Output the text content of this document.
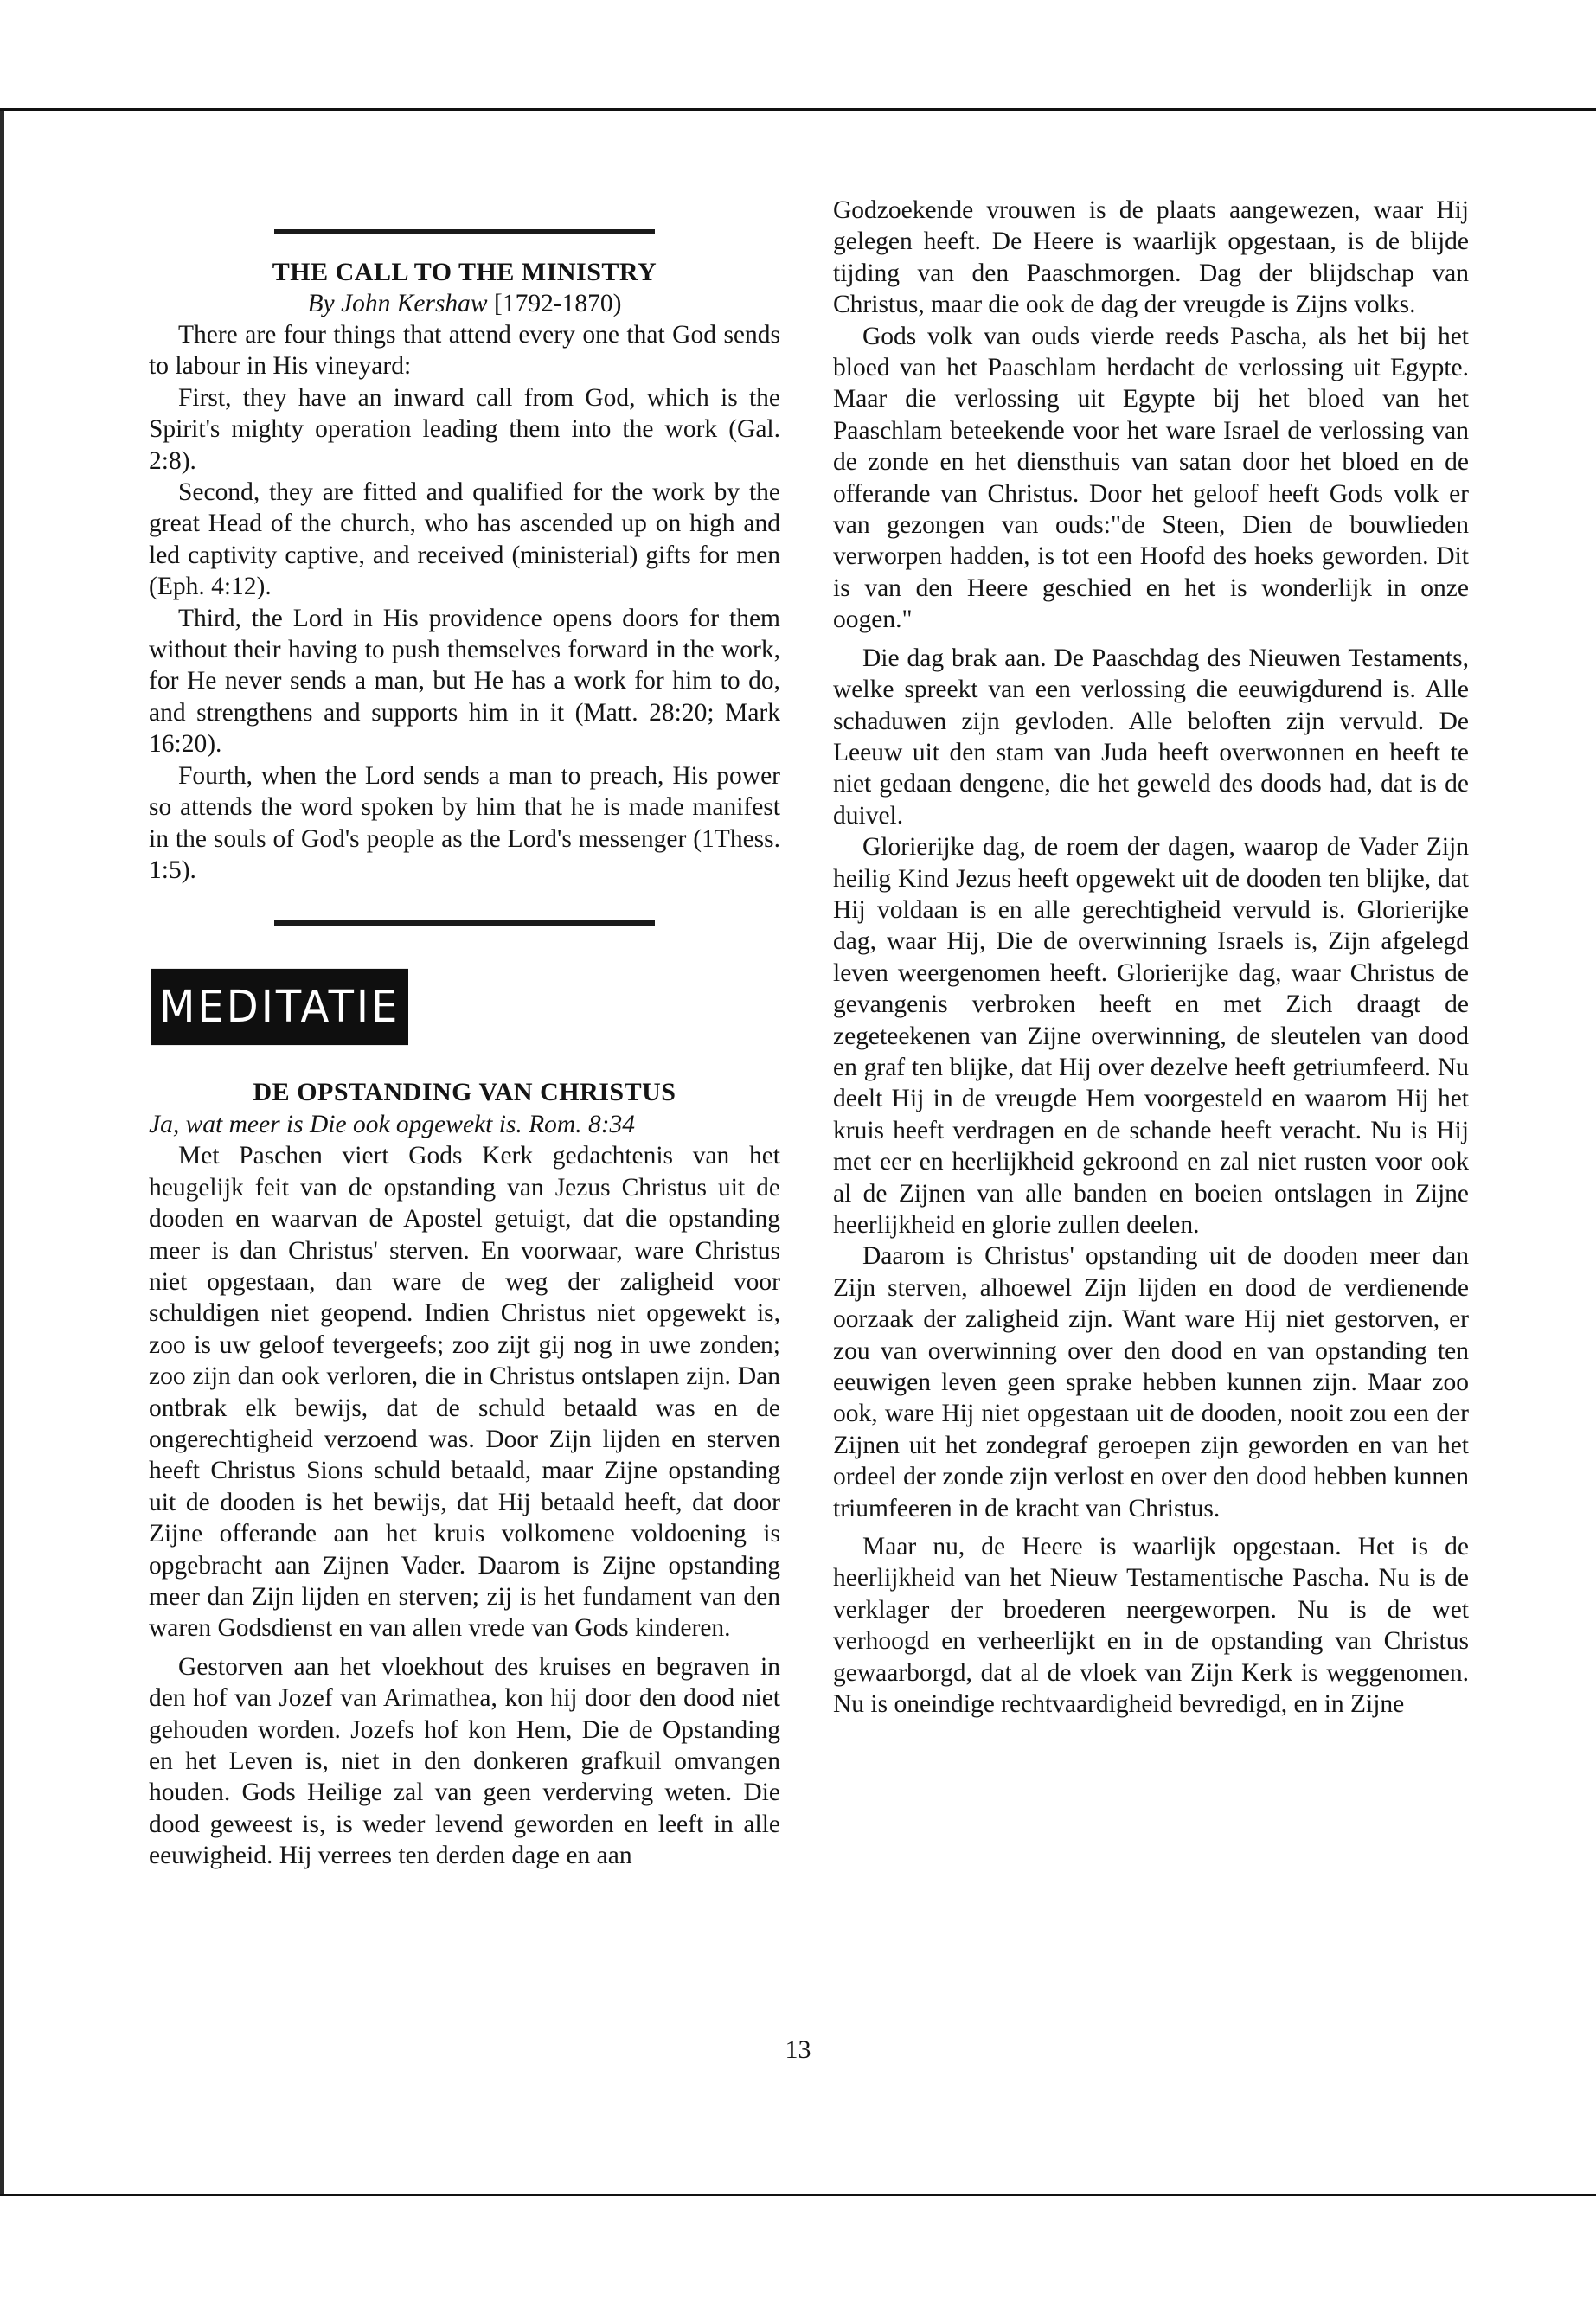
THE CALL TO THE MINISTRY
By John Kershaw [1792-1870)

There are four things that attend every one that God sends to labour in His vineyard:

First, they have an inward call from God, which is the Spirit's mighty operation leading them into the work (Gal. 2:8).

Second, they are fitted and qualified for the work by the great Head of the church, who has ascended up on high and led captivity captive, and received (ministerial) gifts for men (Eph. 4:12).

Third, the Lord in His providence opens doors for them without their having to push themselves forward in the work, for He never sends a man, but He has a work for him to do, and strengthens and supports him in it (Matt. 28:20; Mark 16:20).

Fourth, when the Lord sends a man to preach, His power so attends the word spoken by him that he is made manifest in the souls of God's people as the Lord's messenger (1Thess. 1:5).

MEDITATIE
DE OPSTANDING VAN CHRISTUS

Ja, wat meer is Die ook opgewekt is. Rom. 8:34

Met Paschen viert Gods Kerk gedachtenis van het heugelijk feit van de opstanding van Jezus Christus uit de dooden en waarvan de Apostel getuigt, dat die opstanding meer is dan Christus' sterven. En voorwaar, ware Christus niet opgestaan, dan ware de weg der zaligheid voor schuldigen niet geopend. Indien Christus niet opgewekt is, zoo is uw geloof tevergeefs; zoo zijt gij nog in uwe zonden; zoo zijn dan ook verloren, die in Christus ontslapen zijn. Dan ontbrak elk bewijs, dat de schuld betaald was en de ongerechtigheid verzoend was. Door Zijn lijden en sterven heeft Christus Sions schuld betaald, maar Zijne opstanding uit de dooden is het bewijs, dat Hij betaald heeft, dat door Zijne offerande aan het kruis volkomene voldoening is opgebracht aan Zijnen Vader. Daarom is Zijne opstanding meer dan Zijn lijden en sterven; zij is het fundament van den waren Godsdienst en van allen vrede van Gods kinderen.

Gestorven aan het vloekhout des kruises en begraven in den hof van Jozef van Arimathea, kon hij door den dood niet gehouden worden. Jozefs hof kon Hem, Die de Opstanding en het Leven is, niet in den donkeren grafkuil omvangen houden. Gods Heilige zal van geen verderving weten. Die dood geweest is, is weder levend geworden en leeft in alle eeuwigheid. Hij verrees ten derden dage en aan

Godzoekende vrouwen is de plaats aangewezen, waar Hij gelegen heeft. De Heere is waarlijk opgestaan, is de blijde tijding van den Paaschmorgen. Dag der blijdschap van Christus, maar die ook de dag der vreugde is Zijns volks.

Gods volk van ouds vierde reeds Pascha, als het bij het bloed van het Paaschlam herdacht de verlossing uit Egypte. Maar die verlossing uit Egypte bij het bloed van het Paaschlam beteekende voor het ware Israel de verlossing van de zonde en het diensthuis van satan door het bloed en de offerande van Christus. Door het geloof heeft Gods volk er van gezongen van ouds:"de Steen, Dien de bouwlieden verworpen hadden, is tot een Hoofd des hoeks geworden. Dit is van den Heere geschied en het is wonderlijk in onze oogen."

Die dag brak aan. De Paaschdag des Nieuwen Testaments, welke spreekt van een verlossing die eeuwigdurend is. Alle schaduwen zijn gevloden. Alle beloften zijn vervuld. De Leeuw uit den stam van Juda heeft overwonnen en heeft te niet gedaan dengene, die het geweld des doods had, dat is de duivel.

Glorierijke dag, de roem der dagen, waarop de Vader Zijn heilig Kind Jezus heeft opgewekt uit de dooden ten blijke, dat Hij voldaan is en alle gerechtigheid vervuld is. Glorierijke dag, waar Hij, Die de overwinning Israels is, Zijn afgelegd leven weergenomen heeft. Glorierijke dag, waar Christus de gevangenis verbroken heeft en met Zich draagt de zegeteekenen van Zijne overwinning, de sleutelen van dood en graf ten blijke, dat Hij over dezelve heeft getriumfeerd. Nu deelt Hij in de vreugde Hem voorgesteld en waarom Hij het kruis heeft verdragen en de schande heeft veracht. Nu is Hij met eer en heerlijkheid gekroond en zal niet rusten voor ook al de Zijnen van alle banden en boeien ontslagen in Zijne heerlijkheid en glorie zullen deelen.

Daarom is Christus' opstanding uit de dooden meer dan Zijn sterven, alhoewel Zijn lijden en dood de verdienende oorzaak der zaligheid zijn. Want ware Hij niet gestorven, er zou van overwinning over den dood en van opstanding ten eeuwigen leven geen sprake hebben kunnen zijn. Maar zoo ook, ware Hij niet opgestaan uit de dooden, nooit zou een der Zijnen uit het zondegraf geroepen zijn geworden en van het ordeel der zonde zijn verlost en over den dood hebben kunnen triumfeeren in de kracht van Christus.

Maar nu, de Heere is waarlijk opgestaan. Het is de heerlijkheid van het Nieuw Testamentische Pascha. Nu is de verklager der broederen neergeworpen. Nu is de wet verhoogd en verheerlijkt en in de opstanding van Christus gewaarborgd, dat al de vloek van Zijn Kerk is weggenomen. Nu is oneindige rechtvaardigheid bevredigd, en in Zijne

13
